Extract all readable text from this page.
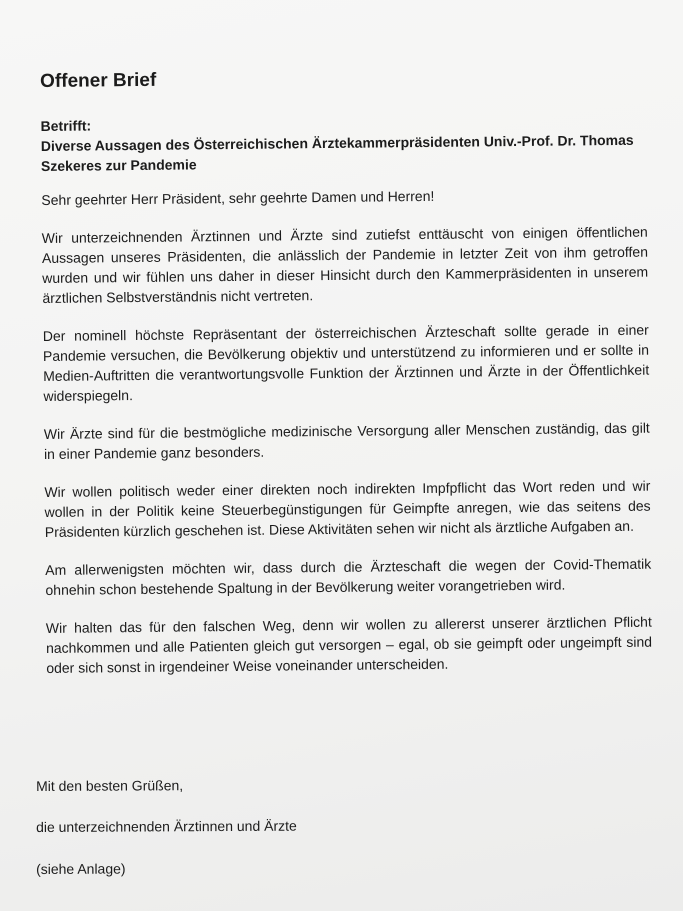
Offener Brief
Betrifft:
Diverse Aussagen des Österreichischen Ärztekammerpräsidenten Univ.-Prof. Dr. Thomas
Szekeres zur Pandemie

Sehr geehrter Herr Präsident, sehr geehrte Damen und Herren!

Wir unterzeichnenden Ärztinnen und Ärzte sind zutiefst enttäuscht von einigen öffentlichen Aussagen unseres Präsidenten, die anlässlich der Pandemie in letzter Zeit von ihm getroffen wurden und wir fühlen uns daher in dieser Hinsicht durch den Kammerpräsidenten in unserem ärztlichen Selbstverständnis nicht vertreten.

Der nominell höchste Repräsentant der österreichischen Ärzteschaft sollte gerade in einer Pandemie versuchen, die Bevölkerung objektiv und unterstützend zu informieren und er sollte in Medien-Auftritten die verantwortungsvolle Funktion der Ärztinnen und Ärzte in der Öffentlichkeit widerspiegeln.

Wir Ärzte sind für die bestmögliche medizinische Versorgung aller Menschen zuständig, das gilt in einer Pandemie ganz besonders.

Wir wollen politisch weder einer direkten noch indirekten Impfpflicht das Wort reden und wir wollen in der Politik keine Steuerbegünstigungen für Geimpfte anregen, wie das seitens des Präsidenten kürzlich geschehen ist. Diese Aktivitäten sehen wir nicht als ärztliche Aufgaben an.

Am allerwenigsten möchten wir, dass durch die Ärzteschaft die wegen der Covid-Thematik ohnehin schon bestehende Spaltung in der Bevölkerung weiter vorangetrieben wird.

Wir halten das für den falschen Weg, denn wir wollen zu allererst unserer ärztlichen Pflicht nachkommen und alle Patienten gleich gut versorgen – egal, ob sie geimpft oder ungeimpft sind oder sich sonst in irgendeiner Weise voneinander unterscheiden.

Mit den besten Grüßen,
die unterzeichnenden Ärztinnen und Ärzte
(siehe Anlage)
